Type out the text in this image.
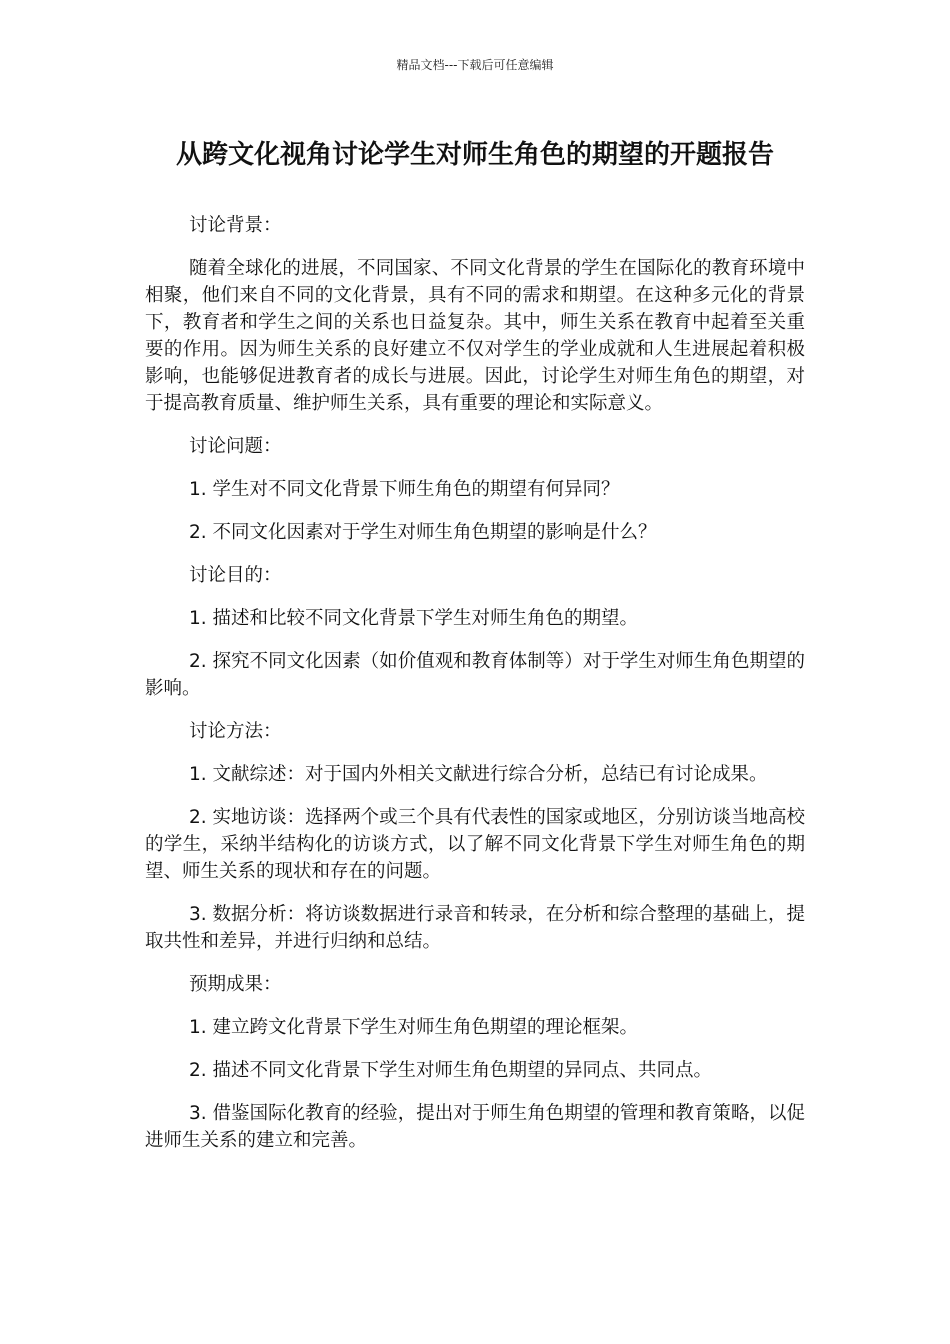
精品文档---下载后可任意编辑
从跨文化视角讨论学生对师生角色的期望的开题报告

讨论背景：

随着全球化的进展，不同国家、不同文化背景的学生在国际化的教育环境中相聚，他们来自不同的文化背景，具有不同的需求和期望。在这种多元化的背景下，教育者和学生之间的关系也日益复杂。其中，师生关系在教育中起着至关重要的作用。因为师生关系的良好建立不仅对学生的学业成就和人生进展起着积极影响，也能够促进教育者的成长与进展。因此，讨论学生对师生角色的期望，对于提高教育质量、维护师生关系，具有重要的理论和实际意义。

讨论问题：

1. 学生对不同文化背景下师生角色的期望有何异同？

2. 不同文化因素对于学生对师生角色期望的影响是什么？

讨论目的：

1. 描述和比较不同文化背景下学生对师生角色的期望。

2. 探究不同文化因素（如价值观和教育体制等）对于学生对师生角色期望的影响。

讨论方法：

1. 文献综述：对于国内外相关文献进行综合分析，总结已有讨论成果。

2. 实地访谈：选择两个或三个具有代表性的国家或地区，分别访谈当地高校的学生，采纳半结构化的访谈方式，以了解不同文化背景下学生对师生角色的期望、师生关系的现状和存在的问题。

3. 数据分析：将访谈数据进行录音和转录，在分析和综合整理的基础上，提取共性和差异，并进行归纳和总结。

预期成果：

1. 建立跨文化背景下学生对师生角色期望的理论框架。

2. 描述不同文化背景下学生对师生角色期望的异同点、共同点。

3. 借鉴国际化教育的经验，提出对于师生角色期望的管理和教育策略，以促进师生关系的建立和完善。
